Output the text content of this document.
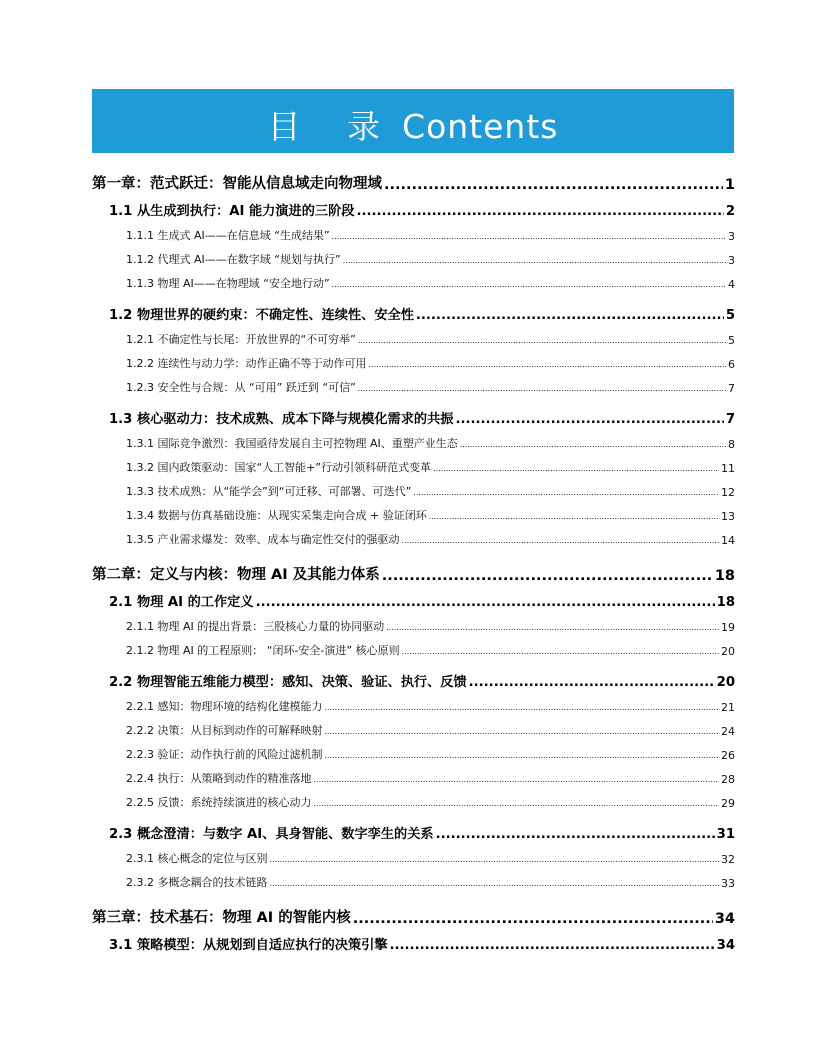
目 录 Contents
第一章：范式跃迁：智能从信息域走向物理域 .....	1
1.1 从生成到执行：AI 能力演进的三阶段 .....	2
1.1.1 生成式 AI——在信息域 “生成结果” .....	3
1.1.2 代理式 AI——在数字域 “规划与执行” .....	3
1.1.3 物理 AI——在物理域 “安全地行动” .....	4
1.2 物理世界的硬约束：不确定性、连续性、安全性 .....	5
1.2.1 不确定性与长尾：开放世界的“不可穷举” .....	5
1.2.2 连续性与动力学：动作正确不等于动作可用 .....	6
1.2.3 安全性与合规：从 “可用” 跃迁到 “可信” .....	7
1.3 核心驱动力：技术成熟、成本下降与规模化需求的共振 .....	7
1.3.1 国际竞争激烈：我国亟待发展自主可控物理 AI、重塑产业生态 .....	8
1.3.2 国内政策驱动：国家“人工智能+”行动引领科研范式变革 .....	11
1.3.3 技术成熟：从“能学会”到“可迁移、可部署、可迭代” .....	12
1.3.4 数据与仿真基础设施：从现实采集走向合成 + 验证闭环 .....	13
1.3.5 产业需求爆发：效率、成本与确定性交付的强驱动 .....	14
第二章：定义与内核：物理 AI 及其能力体系 .....	18
2.1 物理 AI 的工作定义 .....	18
2.1.1 物理 AI 的提出背景：三股核心力量的协同驱动 .....	19
2.1.2 物理 AI 的工程原则： “闭环-安全-演进” 核心原则 .....	20
2.2 物理智能五维能力模型：感知、决策、验证、执行、反馈 .....	20
2.2.1 感知：物理环境的结构化建模能力 .....	21
2.2.2 决策：从目标到动作的可解释映射 .....	24
2.2.3 验证：动作执行前的风险过滤机制 .....	26
2.2.4 执行：从策略到动作的精准落地 .....	28
2.2.5 反馈：系统持续演进的核心动力 .....	29
2.3 概念澄清：与数字 AI、具身智能、数字孪生的关系 .....	31
2.3.1 核心概念的定位与区别 .....	32
2.3.2 多概念耦合的技术链路 .....	33
第三章：技术基石：物理 AI 的智能内核 .....	34
3.1 策略模型：从规划到自适应执行的决策引擎 .....	34
